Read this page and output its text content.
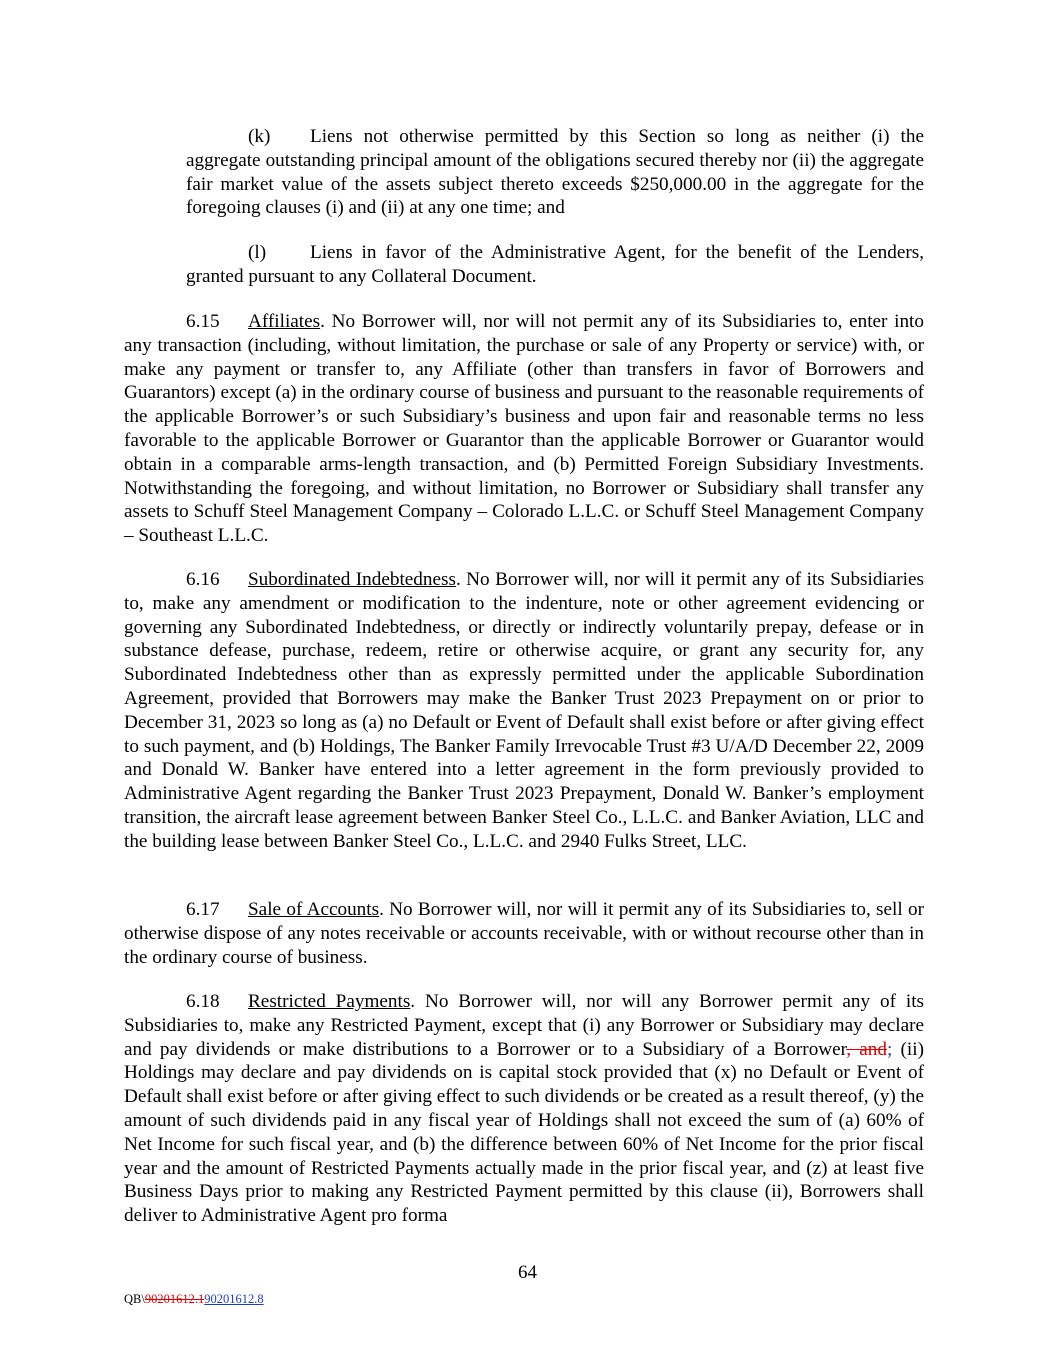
(k) Liens not otherwise permitted by this Section so long as neither (i) the aggregate outstanding principal amount of the obligations secured thereby nor (ii) the aggregate fair market value of the assets subject thereto exceeds $250,000.00 in the aggregate for the foregoing clauses (i) and (ii) at any one time; and

(l) Liens in favor of the Administrative Agent, for the benefit of the Lenders, granted pursuant to any Collateral Document.

6.15 Affiliates. No Borrower will, nor will not permit any of its Subsidiaries to, enter into any transaction (including, without limitation, the purchase or sale of any Property or service) with, or make any payment or transfer to, any Affiliate (other than transfers in favor of Borrowers and Guarantors) except (a) in the ordinary course of business and pursuant to the reasonable requirements of the applicable Borrower’s or such Subsidiary’s business and upon fair and reasonable terms no less favorable to the applicable Borrower or Guarantor than the applicable Borrower or Guarantor would obtain in a comparable arms-length transaction, and (b) Permitted Foreign Subsidiary Investments. Notwithstanding the foregoing, and without limitation, no Borrower or Subsidiary shall transfer any assets to Schuff Steel Management Company – Colorado L.L.C. or Schuff Steel Management Company – Southeast L.L.C.

6.16 Subordinated Indebtedness. No Borrower will, nor will it permit any of its Subsidiaries to, make any amendment or modification to the indenture, note or other agreement evidencing or governing any Subordinated Indebtedness, or directly or indirectly voluntarily prepay, defease or in substance defease, purchase, redeem, retire or otherwise acquire, or grant any security for, any Subordinated Indebtedness other than as expressly permitted under the applicable Subordination Agreement, provided that Borrowers may make the Banker Trust 2023 Prepayment on or prior to December 31, 2023 so long as (a) no Default or Event of Default shall exist before or after giving effect to such payment, and (b) Holdings, The Banker Family Irrevocable Trust #3 U/A/D December 22, 2009 and Donald W. Banker have entered into a letter agreement in the form previously provided to Administrative Agent regarding the Banker Trust 2023 Prepayment, Donald W. Banker’s employment transition, the aircraft lease agreement between Banker Steel Co., L.L.C. and Banker Aviation, LLC and the building lease between Banker Steel Co., L.L.C. and 2940 Fulks Street, LLC.

6.17 Sale of Accounts. No Borrower will, nor will it permit any of its Subsidiaries to, sell or otherwise dispose of any notes receivable or accounts receivable, with or without recourse other than in the ordinary course of business.

6.18 Restricted Payments. No Borrower will, nor will any Borrower permit any of its Subsidiaries to, make any Restricted Payment, except that (i) any Borrower or Subsidiary may declare and pay dividends or make distributions to a Borrower or to a Subsidiary of a Borrower, and; (ii) Holdings may declare and pay dividends on is capital stock provided that (x) no Default or Event of Default shall exist before or after giving effect to such dividends or be created as a result thereof, (y) the amount of such dividends paid in any fiscal year of Holdings shall not exceed the sum of (a) 60% of Net Income for such fiscal year, and (b) the difference between 60% of Net Income for the prior fiscal year and the amount of Restricted Payments actually made in the prior fiscal year, and (z) at least five Business Days prior to making any Restricted Payment permitted by this clause (ii), Borrowers shall deliver to Administrative Agent pro forma

64
QB\90201612.190201612.8
